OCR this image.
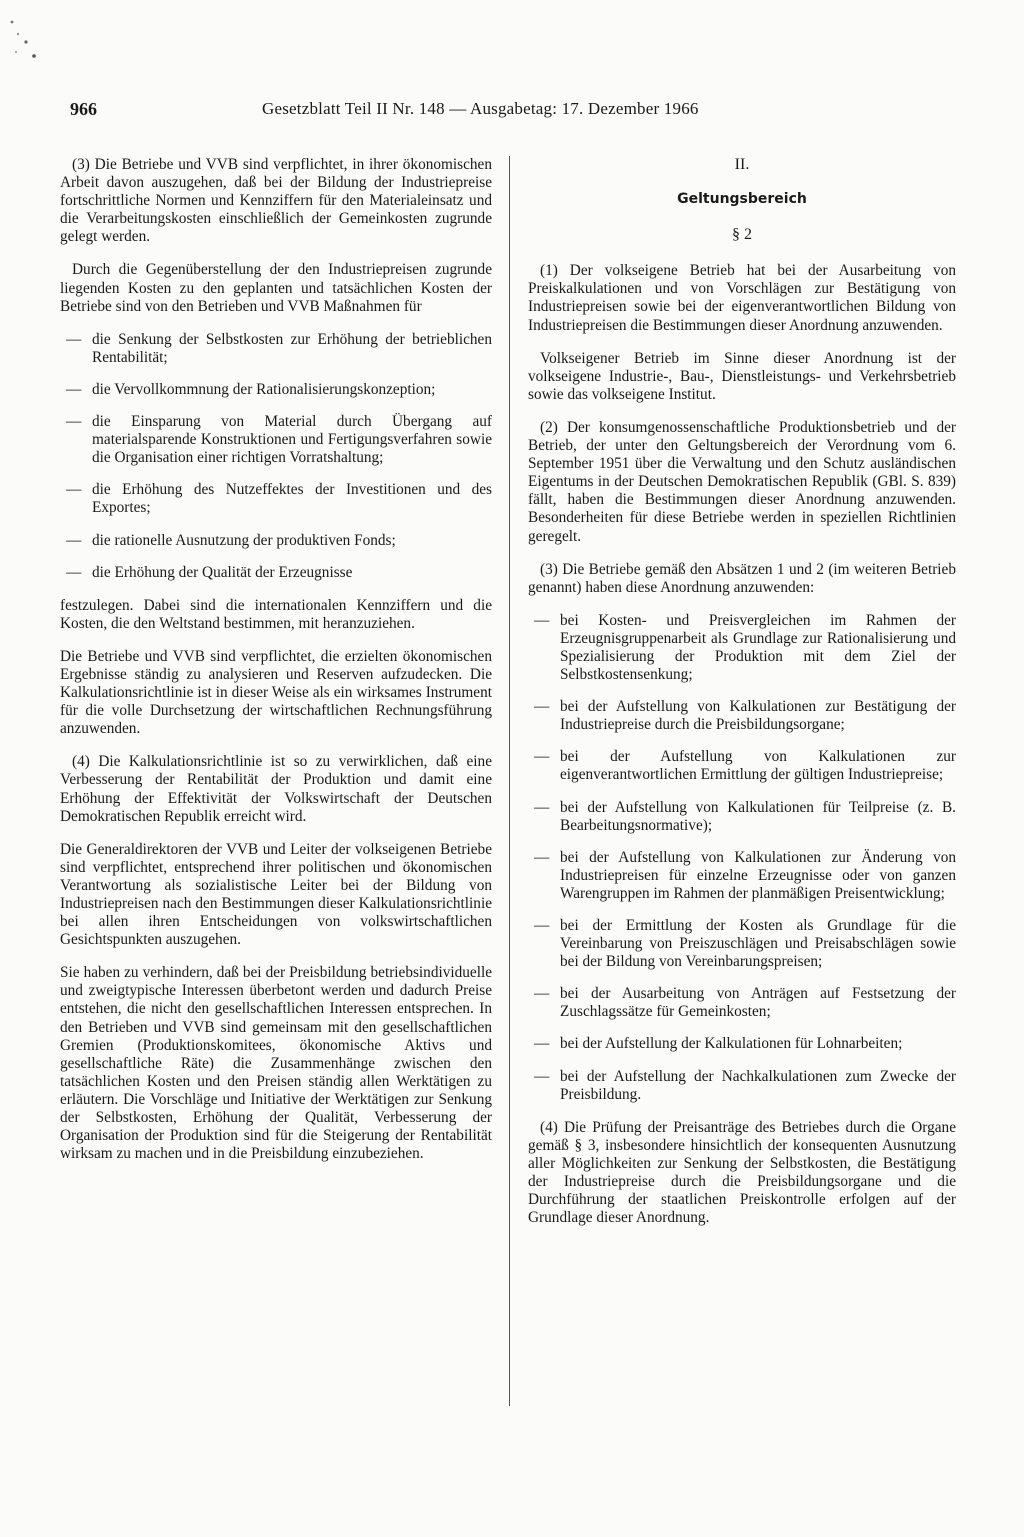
966	Gesetzblatt Teil II Nr. 148 — Ausgabetag: 17. Dezember 1966

(3) Die Betriebe und VVB sind verpflichtet, in ihrer ökonomischen Arbeit davon auszugehen, daß bei der Bildung der Industriepreise fortschrittliche Normen und Kennziffern für den Materialeinsatz und die Verarbeitungskosten einschließlich der Gemeinkosten zugrunde gelegt werden.

Durch die Gegenüberstellung der den Industriepreisen zugrunde liegenden Kosten zu den geplanten und tatsächlichen Kosten der Betriebe sind von den Betrieben und VVB Maßnahmen für

— die Senkung der Selbstkosten zur Erhöhung der betrieblichen Rentabilität;
— die Vervollkommnung der Rationalisierungskonzeption;
— die Einsparung von Material durch Übergang auf materialsparende Konstruktionen und Fertigungsverfahren sowie die Organisation einer richtigen Vorratshaltung;
— die Erhöhung des Nutzeffektes der Investitionen und des Exportes;
— die rationelle Ausnutzung der produktiven Fonds;
— die Erhöhung der Qualität der Erzeugnisse

festzulegen. Dabei sind die internationalen Kennziffern und die Kosten, die den Weltstand bestimmen, mit heranzuziehen.

Die Betriebe und VVB sind verpflichtet, die erzielten ökonomischen Ergebnisse ständig zu analysieren und Reserven aufzudecken. Die Kalkulationsrichtlinie ist in dieser Weise als ein wirksames Instrument für die volle Durchsetzung der wirtschaftlichen Rechnungsführung anzuwenden.

(4) Die Kalkulationsrichtlinie ist so zu verwirklichen, daß eine Verbesserung der Rentabilität der Produktion und damit eine Erhöhung der Effektivität der Volkswirtschaft der Deutschen Demokratischen Republik erreicht wird.

Die Generaldirektoren der VVB und Leiter der volkseigenen Betriebe sind verpflichtet, entsprechend ihrer politischen und ökonomischen Verantwortung als sozialistische Leiter bei der Bildung von Industriepreisen nach den Bestimmungen dieser Kalkulationsrichtlinie bei allen ihren Entscheidungen von volkswirtschaftlichen Gesichtspunkten auszugehen.

Sie haben zu verhindern, daß bei der Preisbildung betriebsindividuelle und zweigtypische Interessen überbetont werden und dadurch Preise entstehen, die nicht den gesellschaftlichen Interessen entsprechen. In den Betrieben und VVB sind gemeinsam mit den gesellschaftlichen Gremien (Produktionskomitees, ökonomische Aktivs und gesellschaftliche Räte) die Zusammenhänge zwischen den tatsächlichen Kosten und den Preisen ständig allen Werktätigen zu erläutern. Die Vorschläge und Initiative der Werktätigen zur Senkung der Selbstkosten, Erhöhung der Qualität, Verbesserung der Organisation der Produktion sind für die Steigerung der Rentabilität wirksam zu machen und in die Preisbildung einzubeziehen.

II.
Geltungsbereich
§ 2

(1) Der volkseigene Betrieb hat bei der Ausarbeitung von Preiskalkulationen und von Vorschlägen zur Bestätigung von Industriepreisen sowie bei der eigenverantwortlichen Bildung von Industriepreisen die Bestimmungen dieser Anordnung anzuwenden.

Volkseigener Betrieb im Sinne dieser Anordnung ist der volkseigene Industrie-, Bau-, Dienstleistungs- und Verkehrsbetrieb sowie das volkseigene Institut.

(2) Der konsumgenossenschaftliche Produktionsbetrieb und der Betrieb, der unter den Geltungsbereich der Verordnung vom 6. September 1951 über die Verwaltung und den Schutz ausländischen Eigentums in der Deutschen Demokratischen Republik (GBl. S. 839) fällt, haben die Bestimmungen dieser Anordnung anzuwenden. Besonderheiten für diese Betriebe werden in speziellen Richtlinien geregelt.

(3) Die Betriebe gemäß den Absätzen 1 und 2 (im weiteren Betrieb genannt) haben diese Anordnung anzuwenden:

— bei Kosten- und Preisvergleichen im Rahmen der Erzeugnisgruppenarbeit als Grundlage zur Rationalisierung und Spezialisierung der Produktion mit dem Ziel der Selbstkostensenkung;
— bei der Aufstellung von Kalkulationen zur Bestätigung der Industriepreise durch die Preisbildungsorgane;
— bei der Aufstellung von Kalkulationen zur eigenverantwortlichen Ermittlung der gültigen Industriepreise;
— bei der Aufstellung von Kalkulationen für Teilpreise (z. B. Bearbeitungsnormative);
— bei der Aufstellung von Kalkulationen zur Änderung von Industriepreisen für einzelne Erzeugnisse oder von ganzen Warengruppen im Rahmen der planmäßigen Preisentwicklung;
— bei der Ermittlung der Kosten als Grundlage für die Vereinbarung von Preiszuschlägen und Preisabschlägen sowie bei der Bildung von Vereinbarungspreisen;
— bei der Ausarbeitung von Anträgen auf Festsetzung der Zuschlagssätze für Gemeinkosten;
— bei der Aufstellung der Kalkulationen für Lohnarbeiten;
— bei der Aufstellung der Nachkalkulationen zum Zwecke der Preisbildung.

(4) Die Prüfung der Preisanträge des Betriebes durch die Organe gemäß § 3, insbesondere hinsichtlich der konsequenten Ausnutzung aller Möglichkeiten zur Senkung der Selbstkosten, die Bestätigung der Industriepreise durch die Preisbildungsorgane und die Durchführung der staatlichen Preiskontrolle erfolgen auf der Grundlage dieser Anordnung.
